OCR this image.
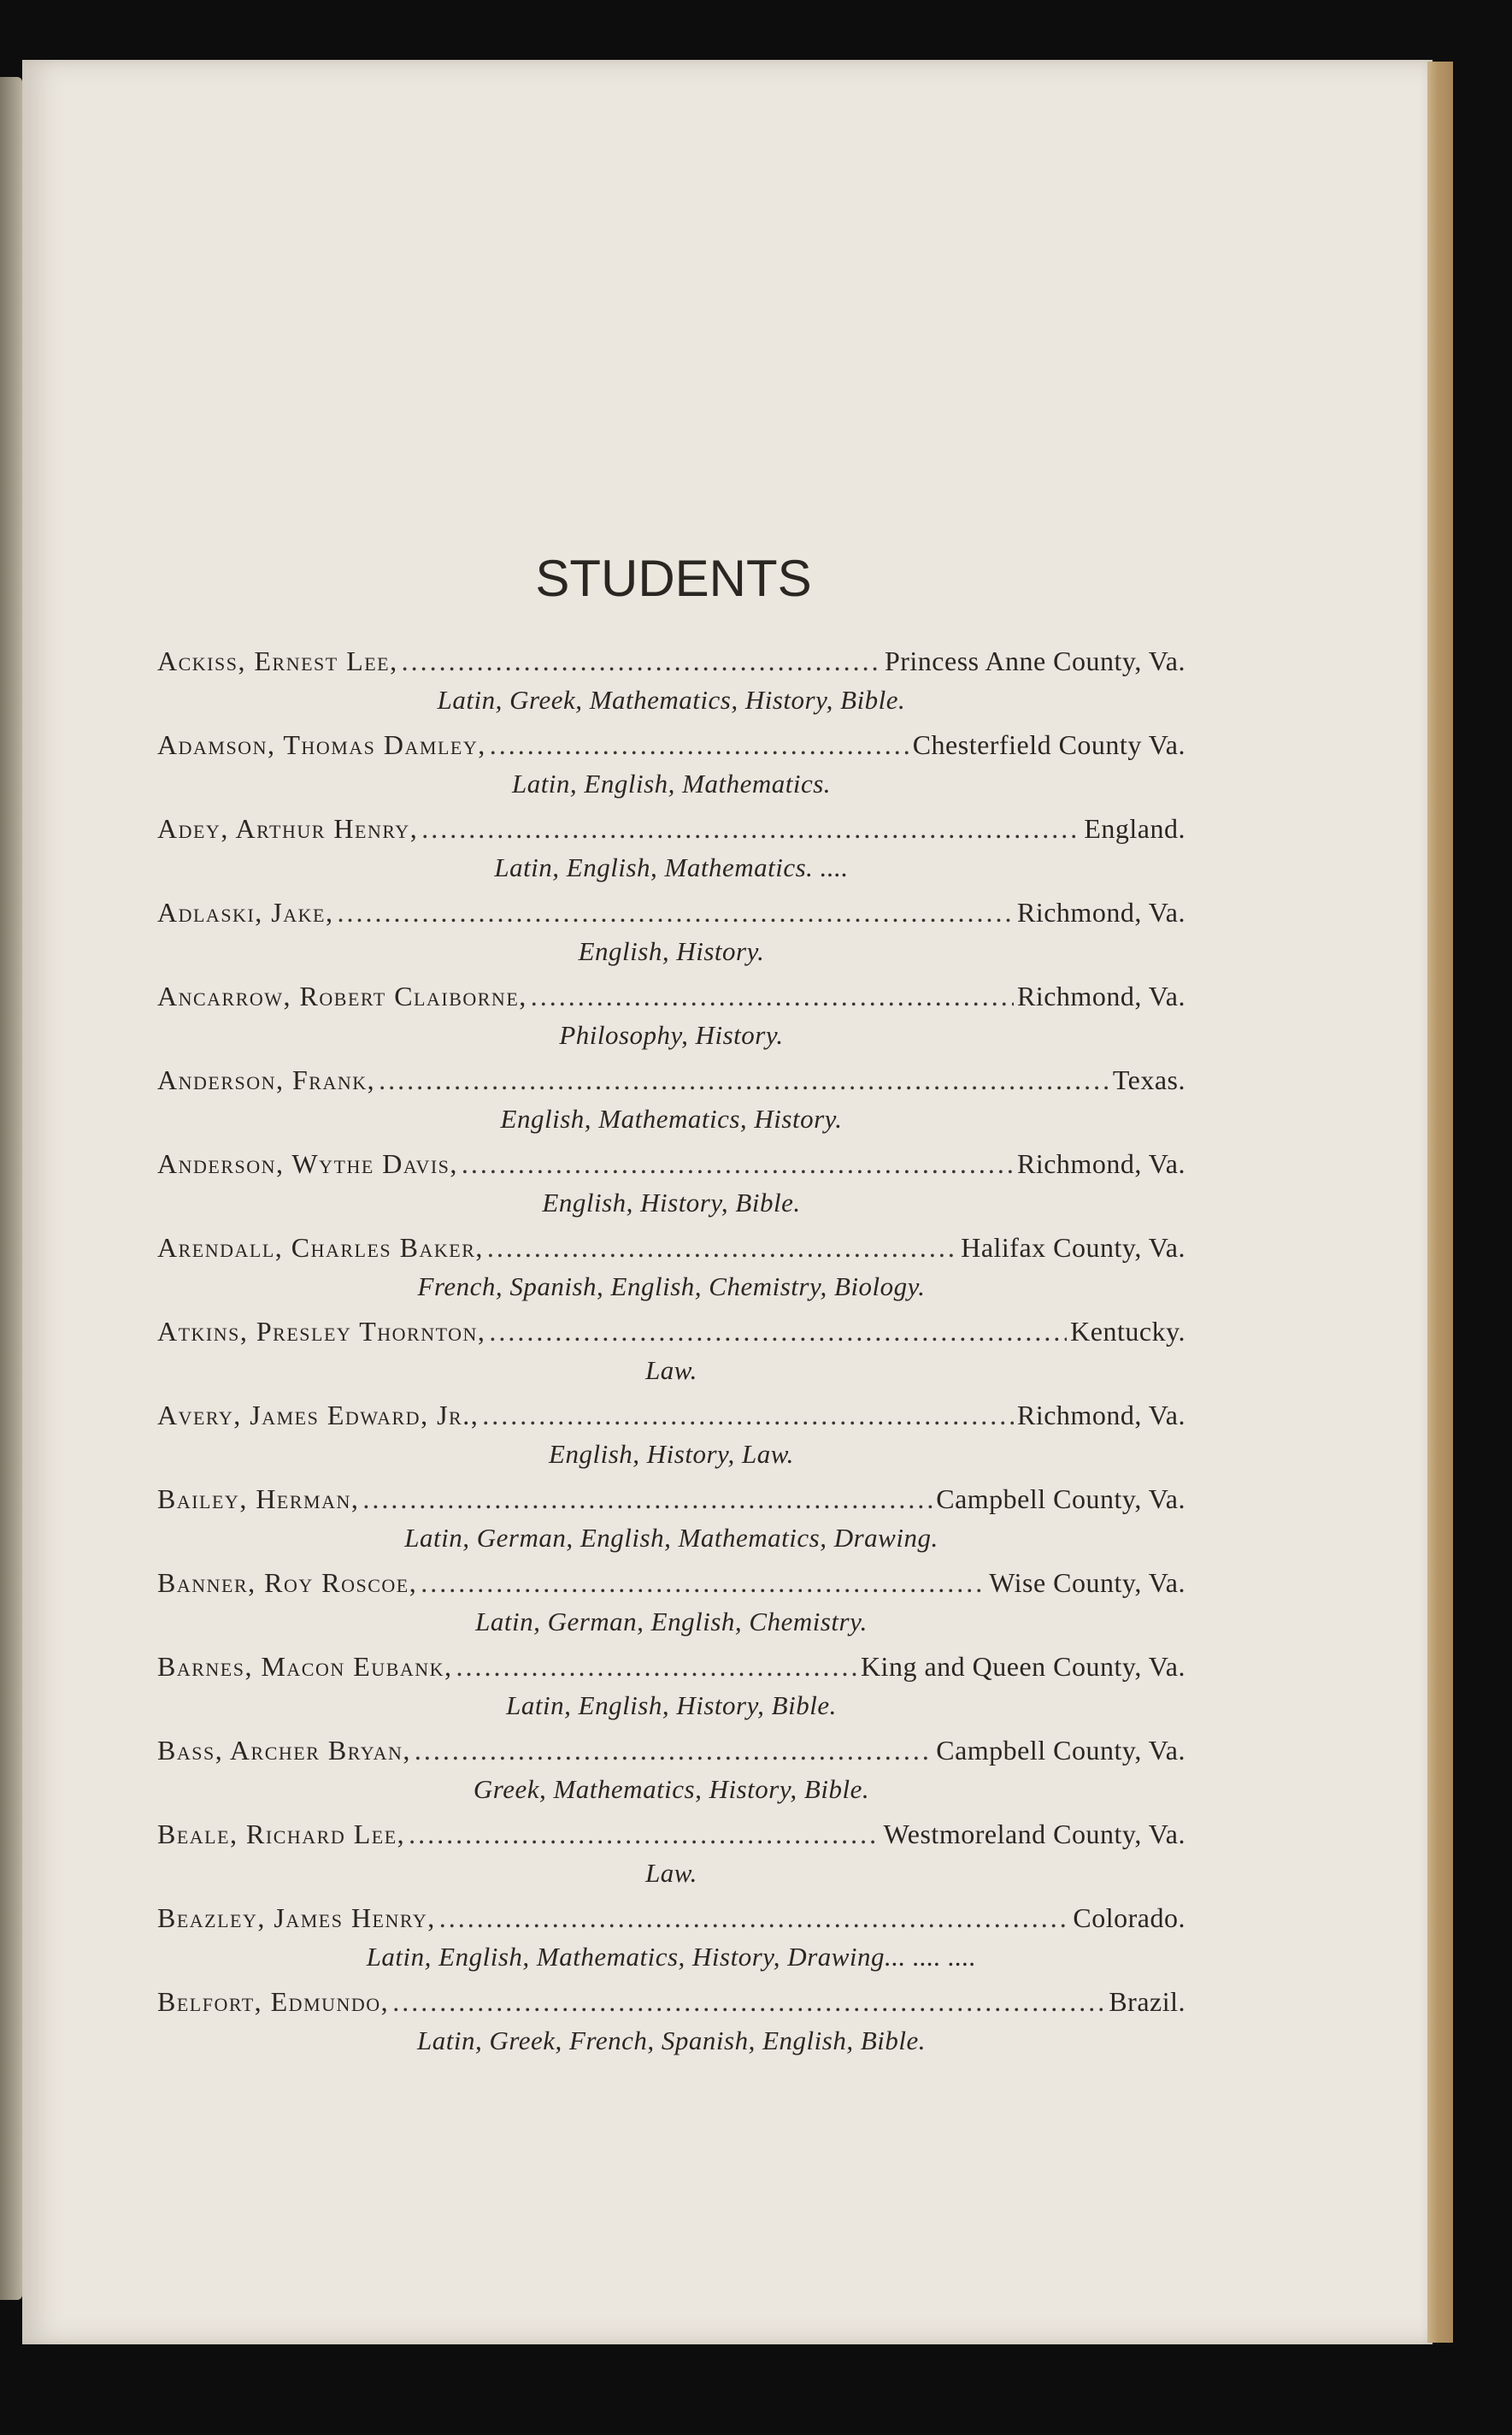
STUDENTS
Ackiss, Ernest Lee, .....	Princess Anne County, Va.
Latin, Greek, Mathematics, History, Bible.
Adamson, Thomas Damley, .....	Chesterfield County Va.
Latin, English, Mathematics.
Adey, Arthur Henry, .....	England.
Latin, English, Mathematics. ....
Adlaski, Jake, .....	Richmond, Va.
English, History.
Ancarrow, Robert Claiborne, .....	Richmond, Va.
Philosophy, History.
Anderson, Frank, .....	Texas.
English, Mathematics, History.
Anderson, Wythe Davis, .....	Richmond, Va.
English, History, Bible.
Arendall, Charles Baker, .....	Halifax County, Va.
French, Spanish, English, Chemistry, Biology.
Atkins, Presley Thornton, .....	Kentucky.
Law.
Avery, James Edward, Jr., .....	Richmond, Va.
English, History, Law.
Bailey, Herman, .....	Campbell County, Va.
Latin, German, English, Mathematics, Drawing.
Banner, Roy Roscoe, .....	Wise County, Va.
Latin, German, English, Chemistry.
Barnes, Macon Eubank, .....	King and Queen County, Va.
Latin, English, History, Bible.
Bass, Archer Bryan, .....	Campbell County, Va.
Greek, Mathematics, History, Bible.
Beale, Richard Lee, .....	Westmoreland County, Va.
Law.
Beazley, James Henry, .....	Colorado.
Latin, English, Mathematics, History, Drawing... .... ....
Belfort, Edmundo, .....	Brazil.
Latin, Greek, French, Spanish, English, Bible.
